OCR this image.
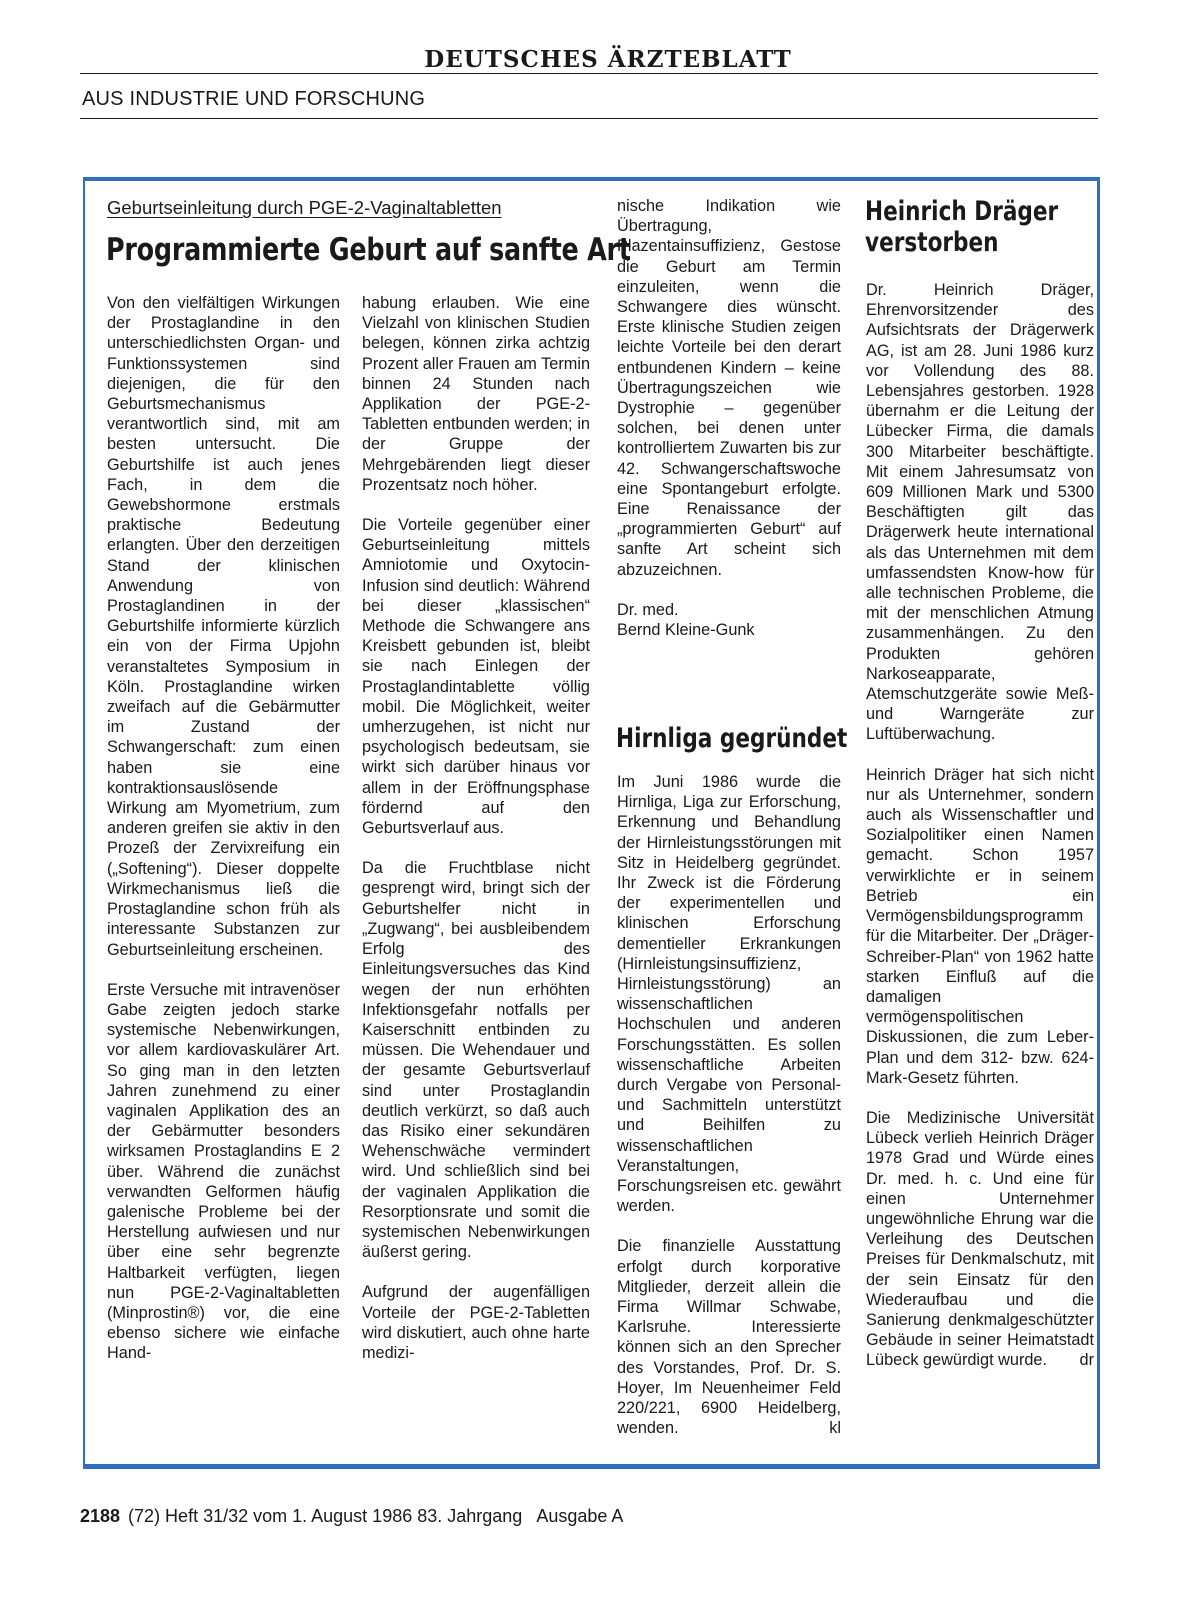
DEUTSCHES ÄRZTEBLATT
AUS INDUSTRIE UND FORSCHUNG
Geburtseinleitung durch PGE-2-Vaginaltabletten
Programmierte Geburt auf sanfte Art

Von den vielfältigen Wirkungen der Prostaglandine in den unterschiedlichsten Organ- und Funktionssystemen sind diejenigen, die für den Geburtsmechanismus verantwortlich sind, mit am besten untersucht. Die Geburtshilfe ist auch jenes Fach, in dem die Gewebshormone erstmals praktische Bedeutung erlangten. Über den derzeitigen Stand der klinischen Anwendung von Prostaglandinen in der Geburtshilfe informierte kürzlich ein von der Firma Upjohn veranstaltetes Symposium in Köln. Prostaglandine wirken zweifach auf die Gebärmutter im Zustand der Schwangerschaft: zum einen haben sie eine kontraktionsauslösende Wirkung am Myometrium, zum anderen greifen sie aktiv in den Prozeß der Zervixreifung ein („Softening“). Dieser doppelte Wirkmechanismus ließ die Prostaglandine schon früh als interessante Substanzen zur Geburtseinleitung erscheinen.

Erste Versuche mit intravenöser Gabe zeigten jedoch starke systemische Nebenwirkungen, vor allem kardiovaskulärer Art. So ging man in den letzten Jahren zunehmend zu einer vaginalen Applikation des an der Gebärmutter besonders wirksamen Prostaglandins E 2 über. Während die zunächst verwandten Gelformen häufig galenische Probleme bei der Herstellung aufwiesen und nur über eine sehr begrenzte Haltbarkeit verfügten, liegen nun PGE-2-Vaginaltabletten (Minprostin®) vor, die eine ebenso sichere wie einfache Hand-

habung erlauben. Wie eine Vielzahl von klinischen Studien belegen, können zirka achtzig Prozent aller Frauen am Termin binnen 24 Stunden nach Applikation der PGE-2-Tabletten entbunden werden; in der Gruppe der Mehrgebärenden liegt dieser Prozentsatz noch höher.

Die Vorteile gegenüber einer Geburtseinleitung mittels Amniotomie und Oxytocin-Infusion sind deutlich: Während bei dieser „klassischen“ Methode die Schwangere ans Kreisbett gebunden ist, bleibt sie nach Einlegen der Prostaglandintablette völlig mobil. Die Möglichkeit, weiter umherzugehen, ist nicht nur psychologisch bedeutsam, sie wirkt sich darüber hinaus vor allem in der Eröffnungsphase fördernd auf den Geburtsverlauf aus.

Da die Fruchtblase nicht gesprengt wird, bringt sich der Geburtshelfer nicht in „Zugwang“, bei ausbleibendem Erfolg des Einleitungsversuches das Kind wegen der nun erhöhten Infektionsgefahr notfalls per Kaiserschnitt entbinden zu müssen. Die Wehendauer und der gesamte Geburtsverlauf sind unter Prostaglandin deutlich verkürzt, so daß auch das Risiko einer sekundären Wehenschwäche vermindert wird. Und schließlich sind bei der vaginalen Applikation die Resorptionsrate und somit die systemischen Nebenwirkungen äußerst gering.

Aufgrund der augenfälligen Vorteile der PGE-2-Tabletten wird diskutiert, auch ohne harte medizi-

nische Indikation wie Übertragung, Plazentainsuffizienz, Gestose die Geburt am Termin einzuleiten, wenn die Schwangere dies wünscht. Erste klinische Studien zeigen leichte Vorteile bei den derart entbundenen Kindern – keine Übertragungszeichen wie Dystrophie – gegenüber solchen, bei denen unter kontrolliertem Zuwarten bis zur 42. Schwangerschaftswoche eine Spontangeburt erfolgte. Eine Renaissance der „programmierten Geburt“ auf sanfte Art scheint sich abzuzeichnen.

Dr. med.
Bernd Kleine-Gunk

Hirnliga gegründet

Im Juni 1986 wurde die Hirnliga, Liga zur Erforschung, Erkennung und Behandlung der Hirnleistungsstörungen mit Sitz in Heidelberg gegründet. Ihr Zweck ist die Förderung der experimentellen und klinischen Erforschung dementieller Erkrankungen (Hirnleistungsinsuffizienz, Hirnleistungsstörung) an wissenschaftlichen Hochschulen und anderen Forschungsstätten. Es sollen wissenschaftliche Arbeiten durch Vergabe von Personal- und Sachmitteln unterstützt und Beihilfen zu wissenschaftlichen Veranstaltungen, Forschungsreisen etc. gewährt werden.

Die finanzielle Ausstattung erfolgt durch korporative Mitglieder, derzeit allein die Firma Willmar Schwabe, Karlsruhe. Interessierte können sich an den Sprecher des Vorstandes, Prof. Dr. S. Hoyer, Im Neuenheimer Feld 220/221, 6900 Heidelberg, wenden.	kl

Heinrich Dräger
verstorben

Dr. Heinrich Dräger, Ehrenvorsitzender des Aufsichtsrats der Drägerwerk AG, ist am 28. Juni 1986 kurz vor Vollendung des 88. Lebensjahres gestorben. 1928 übernahm er die Leitung der Lübecker Firma, die damals 300 Mitarbeiter beschäftigte. Mit einem Jahresumsatz von 609 Millionen Mark und 5300 Beschäftigten gilt das Drägerwerk heute international als das Unternehmen mit dem umfassendsten Know-how für alle technischen Probleme, die mit der menschlichen Atmung zusammenhängen. Zu den Produkten gehören Narkoseapparate, Atemschutzgeräte sowie Meß- und Warngeräte zur Luftüberwachung.

Heinrich Dräger hat sich nicht nur als Unternehmer, sondern auch als Wissenschaftler und Sozialpolitiker einen Namen gemacht. Schon 1957 verwirklichte er in seinem Betrieb ein Vermögensbildungsprogramm für die Mitarbeiter. Der „Dräger-Schreiber-Plan“ von 1962 hatte starken Einfluß auf die damaligen vermögenspolitischen Diskussionen, die zum Leber-Plan und dem 312- bzw. 624-Mark-Gesetz führten.

Die Medizinische Universität Lübeck verlieh Heinrich Dräger 1978 Grad und Würde eines Dr. med. h. c. Und eine für einen Unternehmer ungewöhnliche Ehrung war die Verleihung des Deutschen Preises für Denkmalschutz, mit der sein Einsatz für den Wiederaufbau und die Sanierung denkmalgeschützter Gebäude in seiner Heimatstadt Lübeck gewürdigt wurde. dr

2188 (72) Heft 31/32 vom 1. August 1986 83. Jahrgang   Ausgabe A
